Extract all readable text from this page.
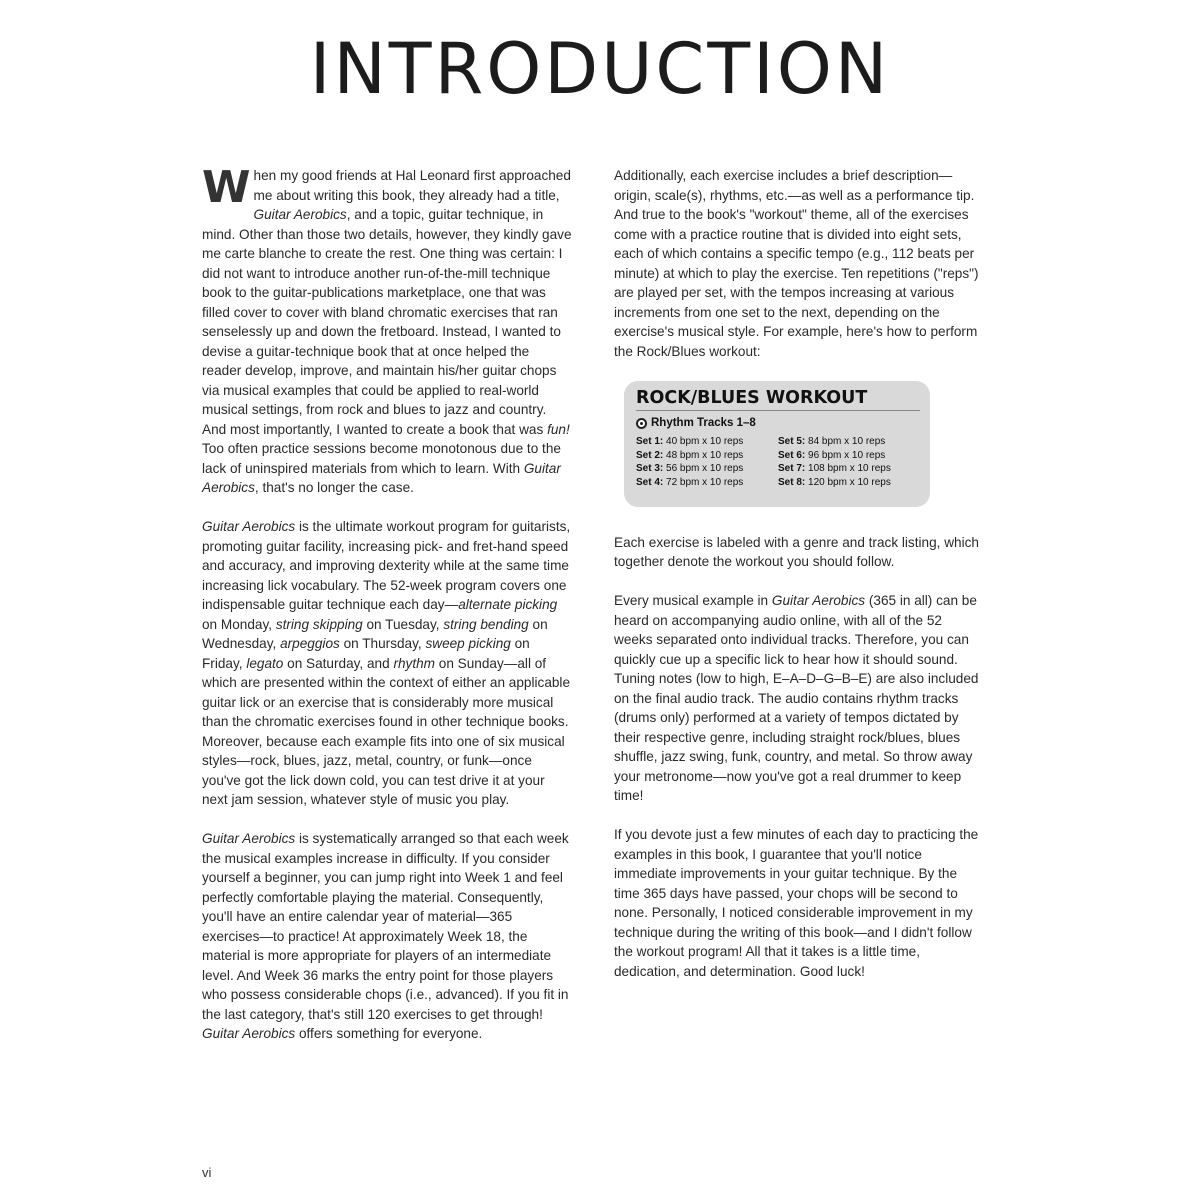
INTRODUCTION

When my good friends at Hal Leonard first approached me about writing this book, they already had a title, Guitar Aerobics, and a topic, guitar technique, in mind. Other than those two details, however, they kindly gave me carte blanche to create the rest. One thing was certain: I did not want to introduce another run-of-the-mill technique book to the guitar-publications marketplace, one that was filled cover to cover with bland chromatic exercises that ran senselessly up and down the fretboard. Instead, I wanted to devise a guitar-technique book that at once helped the reader develop, improve, and maintain his/her guitar chops via musical examples that could be applied to real-world musical settings, from rock and blues to jazz and country. And most importantly, I wanted to create a book that was fun! Too often practice sessions become monotonous due to the lack of uninspired materials from which to learn. With Guitar Aerobics, that's no longer the case.

Guitar Aerobics is the ultimate workout program for guitarists, promoting guitar facility, increasing pick- and fret-hand speed and accuracy, and improving dexterity while at the same time increasing lick vocabulary. The 52-week program covers one indispensable guitar technique each day—alternate picking on Monday, string skipping on Tuesday, string bending on Wednesday, arpeggios on Thursday, sweep picking on Friday, legato on Saturday, and rhythm on Sunday—all of which are presented within the context of either an applicable guitar lick or an exercise that is considerably more musical than the chromatic exercises found in other technique books. Moreover, because each example fits into one of six musical styles—rock, blues, jazz, metal, country, or funk—once you've got the lick down cold, you can test drive it at your next jam session, whatever style of music you play.

Guitar Aerobics is systematically arranged so that each week the musical examples increase in difficulty. If you consider yourself a beginner, you can jump right into Week 1 and feel perfectly comfortable playing the material. Consequently, you'll have an entire calendar year of material—365 exercises—to practice! At approximately Week 18, the material is more appropriate for players of an intermediate level. And Week 36 marks the entry point for those players who possess considerable chops (i.e., advanced). If you fit in the last category, that's still 120 exercises to get through! Guitar Aerobics offers something for everyone.

Additionally, each exercise includes a brief description—origin, scale(s), rhythms, etc.—as well as a performance tip. And true to the book's "workout" theme, all of the exercises come with a practice routine that is divided into eight sets, each of which contains a specific tempo (e.g., 112 beats per minute) at which to play the exercise. Ten repetitions ("reps") are played per set, with the tempos increasing at various increments from one set to the next, depending on the exercise's musical style. For example, here's how to perform the Rock/Blues workout:

ROCK/BLUES WORKOUT
Rhythm Tracks 1–8
Set 1: 40 bpm x 10 reps
Set 2: 48 bpm x 10 reps
Set 3: 56 bpm x 10 reps
Set 4: 72 bpm x 10 reps
Set 5: 84 bpm x 10 reps
Set 6: 96 bpm x 10 reps
Set 7: 108 bpm x 10 reps
Set 8: 120 bpm x 10 reps

Each exercise is labeled with a genre and track listing, which together denote the workout you should follow.

Every musical example in Guitar Aerobics (365 in all) can be heard on accompanying audio online, with all of the 52 weeks separated onto individual tracks. Therefore, you can quickly cue up a specific lick to hear how it should sound. Tuning notes (low to high, E–A–D–G–B–E) are also included on the final audio track. The audio contains rhythm tracks (drums only) performed at a variety of tempos dictated by their respective genre, including straight rock/blues, blues shuffle, jazz swing, funk, country, and metal. So throw away your metronome—now you've got a real drummer to keep time!

If you devote just a few minutes of each day to practicing the examples in this book, I guarantee that you'll notice immediate improvements in your guitar technique. By the time 365 days have passed, your chops will be second to none. Personally, I noticed considerable improvement in my technique during the writing of this book—and I didn't follow the workout program! All that it takes is a little time, dedication, and determination. Good luck!

vi
